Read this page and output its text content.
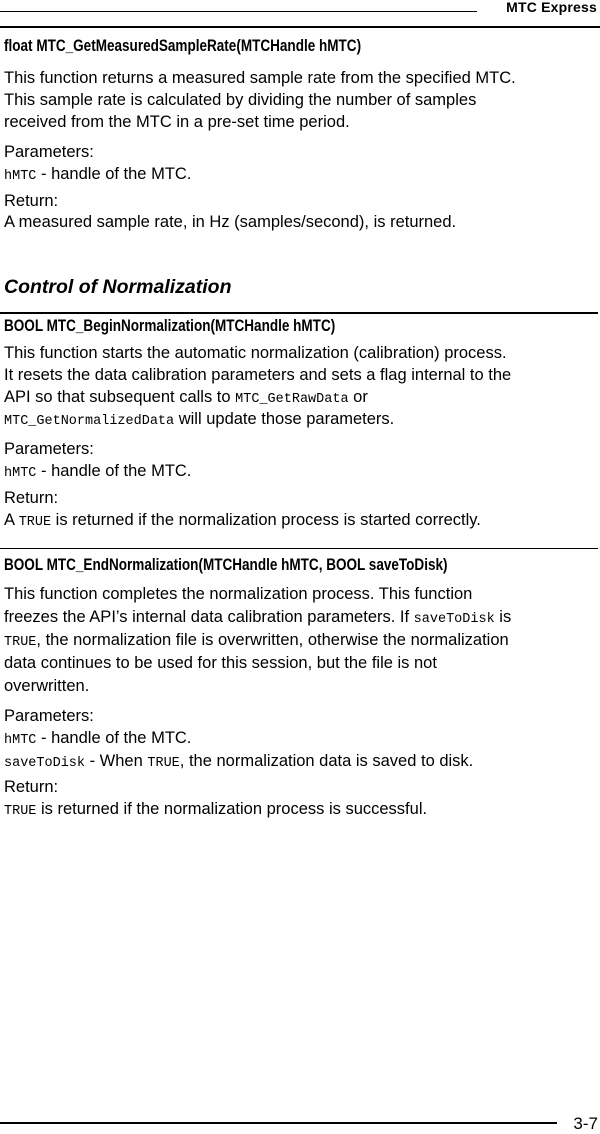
MTC Express
float MTC_GetMeasuredSampleRate(MTCHandle hMTC)
This function returns a measured sample rate from the specified MTC.
This sample rate is calculated by dividing the number of samples
received from the MTC in a pre-set time period.
Parameters:
hMTC - handle of the MTC.
Return:
A measured sample rate, in Hz (samples/second), is returned.
Control of Normalization
BOOL MTC_BeginNormalization(MTCHandle hMTC)
This function starts the automatic normalization (calibration) process.
It resets the data calibration parameters and sets a flag internal to the
API so that subsequent calls to MTC_GetRawData or
MTC_GetNormalizedData will update those parameters.
Parameters:
hMTC - handle of the MTC.
Return:
A TRUE is returned if the normalization process is started correctly.
BOOL MTC_EndNormalization(MTCHandle hMTC, BOOL saveToDisk)
This function completes the normalization process. This function
freezes the API’s internal data calibration parameters. If saveToDisk is
TRUE, the normalization file is overwritten, otherwise the normalization
data continues to be used for this session, but the file is not
overwritten.
Parameters:
hMTC - handle of the MTC.
saveToDisk - When TRUE, the normalization data is saved to disk.
Return:
TRUE is returned if the normalization process is successful.
3-7
